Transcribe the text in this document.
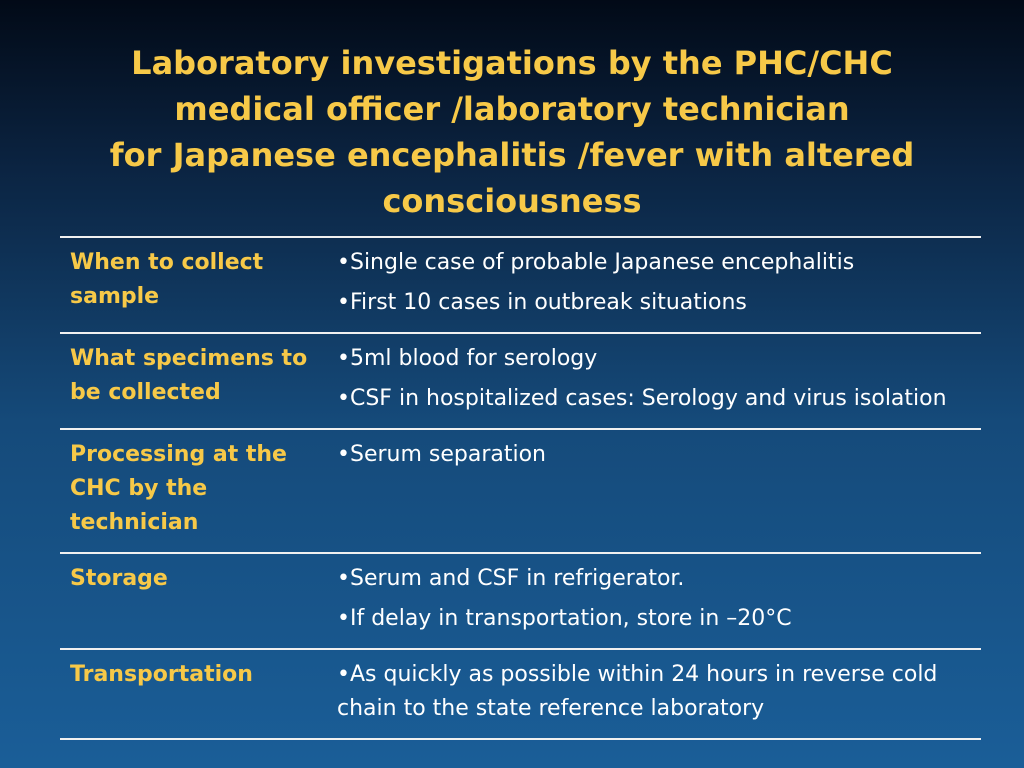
Laboratory investigations by the PHC/CHC
medical officer /laboratory technician
for Japanese encephalitis /fever with altered
consciousness
When to collect sample	•Single case of probable Japanese encephalitis
•First 10 cases in outbreak situations

What specimens to be collected	•5ml blood for serology
•CSF in hospitalized cases: Serology and virus isolation

Processing at the CHC by the technician	•Serum separation

Storage	•Serum and CSF in refrigerator.
•If delay in transportation, store in –20°C

Transportation	•As quickly as possible within 24 hours in reverse cold chain to the state reference laboratory
